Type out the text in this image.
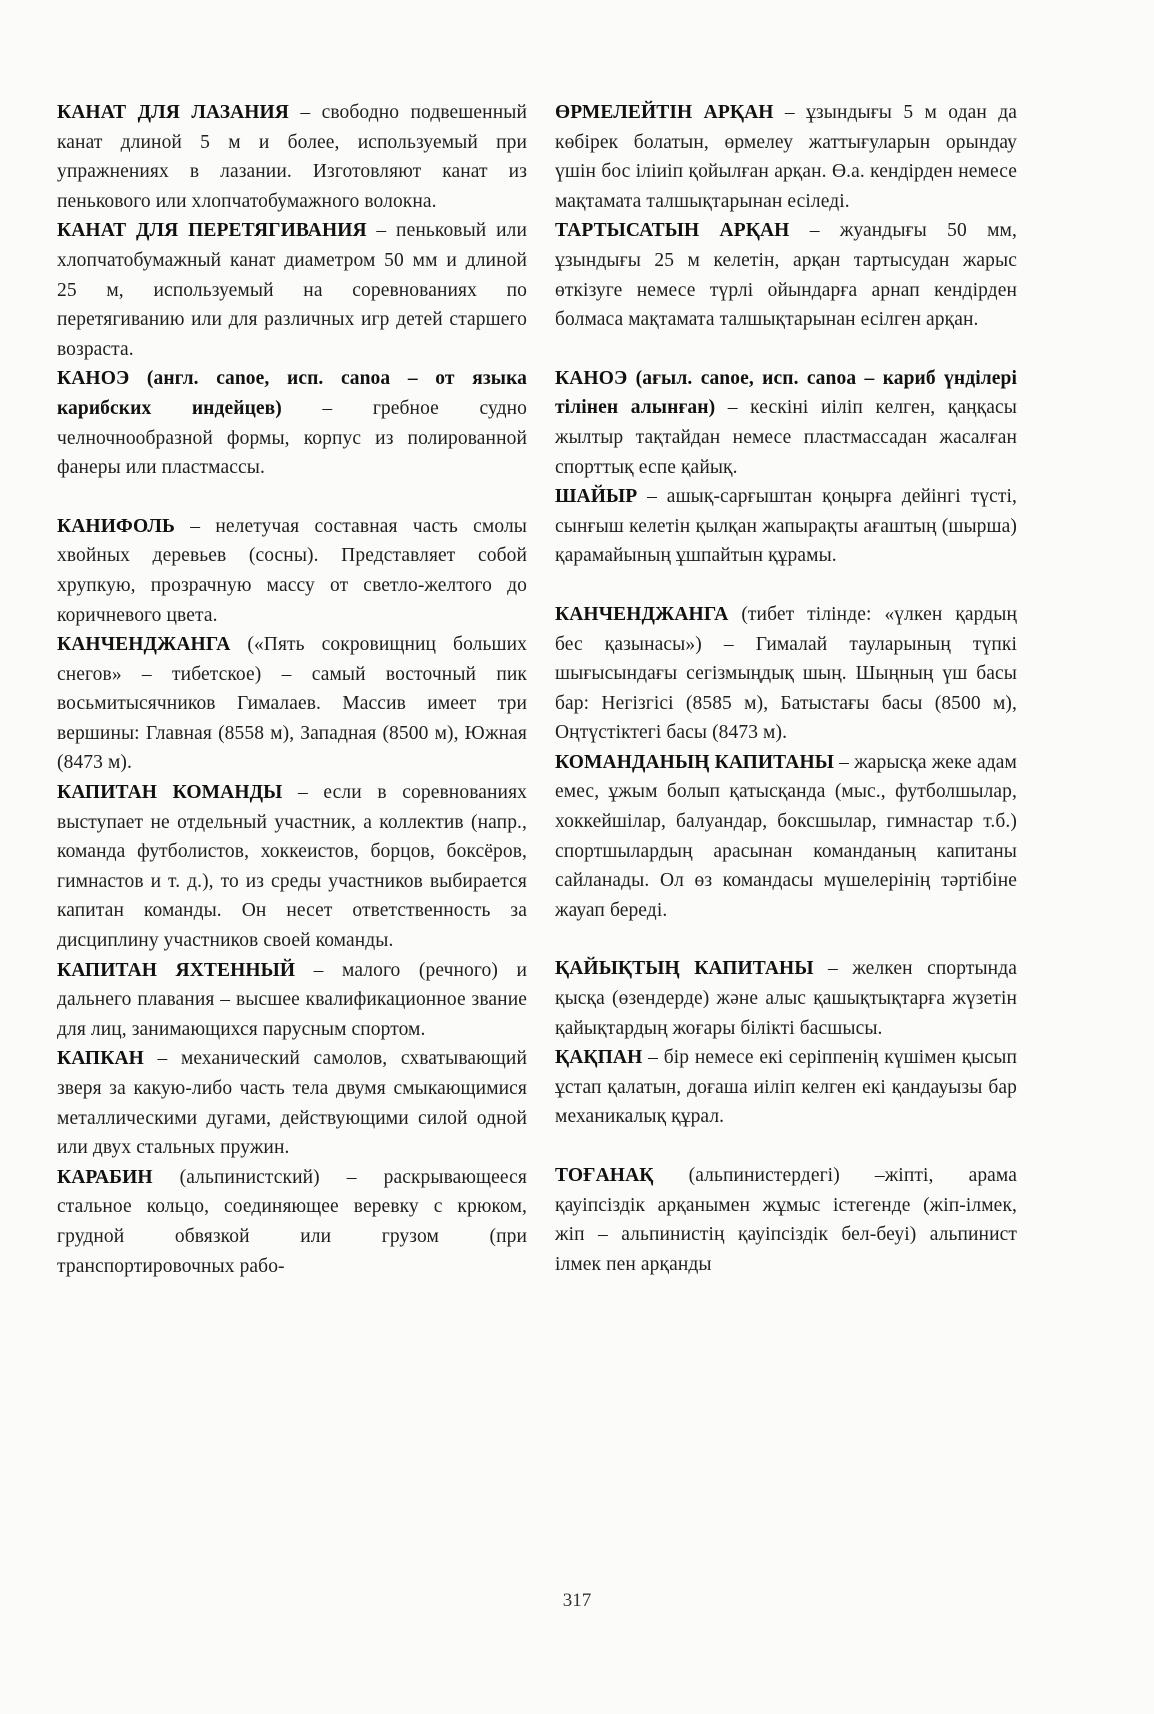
КАНАТ ДЛЯ ЛАЗАНИЯ – свободно подвешенный канат длиной 5 м и более, используемый при упражнениях в лазании. Изготовляют канат из пенькового или хлопчатобумажного волокна.

КАНАТ ДЛЯ ПЕРЕТЯГИВАНИЯ – пеньковый или хлопчатобумажный канат диаметром 50 мм и длиной 25 м, используемый на соревнованиях по перетягиванию или для различных игр детей старшего возраста.

КАНОЭ (англ. canoe, исп. canoa – от языка карибских индейцев) – гребное судно челночнообразной формы, корпус из полированной фанеры или пластмассы.

КАНИФОЛЬ – нелетучая составная часть смолы хвойных деревьев (сосны). Представляет собой хрупкую, прозрачную массу от светло-желтого до коричневого цвета.

КАНЧЕНДЖАНГА («Пять сокровищниц больших снегов» – тибетское) – самый восточный пик восьмитысячников Гималаев. Массив имеет три вершины: Главная (8558 м), Западная (8500 м), Южная (8473 м).

КАПИТАН КОМАНДЫ – если в соревнованиях выступает не отдельный участник, а коллектив (напр., команда футболистов, хоккеистов, борцов, боксёров, гимнастов и т. д.), то из среды участников выбирается капитан команды. Он несет ответственность за дисциплину участников своей команды.

КАПИТАН ЯХТЕННЫЙ – малого (речного) и дальнего плавания – высшее квалификационное звание для лиц, занимающихся парусным спортом.

КАПКАН – механический самолов, схватывающий зверя за какую-либо часть тела двумя смыкающимися металлическими дугами, действующими силой одной или двух стальных пружин.

КАРАБИН (альпинистский) – раскрывающееся стальное кольцо, соединяющее веревку с крюком, грудной обвязкой или грузом (при транспортировочных рабо-

ӨРМЕЛЕЙТІН АРҚАН – ұзындығы 5 м одан да көбірек болатын, өрмелеу жаттығуларын орындау үшін бос іліиіп қойылған арқан. Ө.а. кендірден немесе мақтамата талшықтарынан есіледі.

ТАРТЫСАТЫН АРҚАН – жуандығы 50 мм, ұзындығы 25 м келетін, арқан тартысудан жарыс өткізуге немесе түрлі ойындарға арнап кендірден болмаса мақтамата талшықтарынан есілген арқан.

КАНОЭ (ағыл. canoe, исп. canoa – кариб үнділері тілінен алынған) – кескіні иіліп келген, қаңқасы жылтыр тақтайдан немесе пластмассадан жасалған спорттық еспе қайық.

ШАЙЫР – ашық-сарғыштан қоңырға дейінгі түсті, сынғыш келетін қылқан жапырақты ағаштың (шырша) қарамайының ұшпайтын құрамы.

КАНЧЕНДЖАНГА (тибет тілінде: «үлкен қардың бес қазынасы») – Гималай тауларының түпкі шығысындағы сегізмыңдық шың. Шыңның үш басы бар: Негізгісі (8585 м), Батыстағы басы (8500 м), Оңтүстіктегі басы (8473 м).

КОМАНДАНЫҢ КАПИТАНЫ – жарысқа жеке адам емес, ұжым болып қатысқанда (мыс., футболшылар, хоккейшілар, балуандар, боксшылар, гимнастар т.б.) спортшылардың арасынан команданың капитаны сайланады. Ол өз командасы мүшелерінің тәртібіне жауап береді.

ҚАЙЫҚТЫҢ КАПИТАНЫ – желкен спортында қысқа (өзендерде) және алыс қашықтықтарға жүзетін қайықтардың жоғары білікті басшысы.

ҚАҚПАН – бір немесе екі серіппенің күшімен қысып ұстап қалатын, доғаша иіліп келген екі қандауызы бар механикалық құрал.

ТОҒАНАҚ (альпинистердегі) –жіпті, арама қауіпсіздік арқанымен жұмыс істегенде (жіп-ілмек, жіп – альпинистің қауіпсіздік бел-беуі) альпинист ілмек пен арқанды

317
